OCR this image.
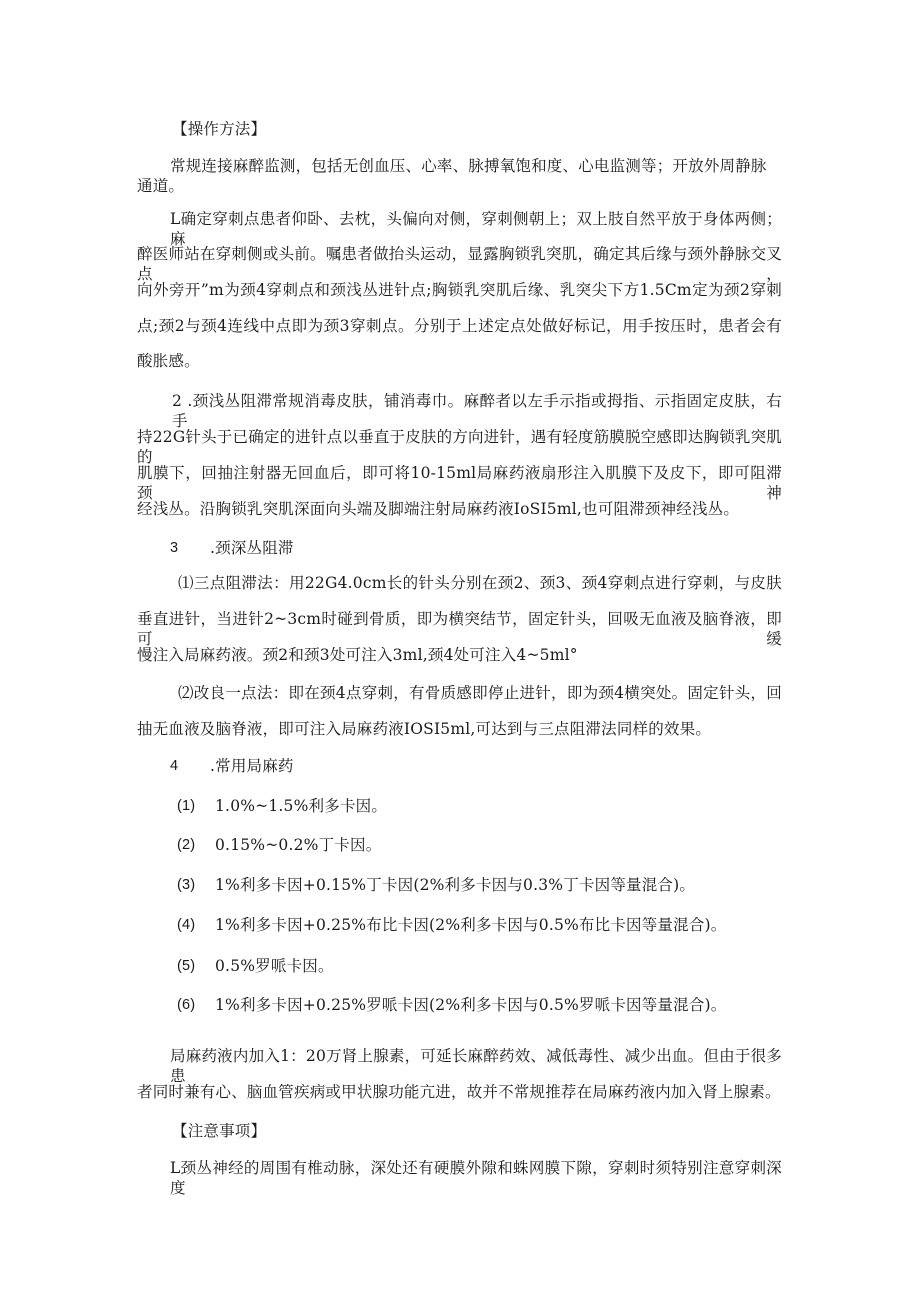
【操作方法】
常规连接麻醉监测，包括无创血压、心率、脉搏氧饱和度、心电监测等；开放外周静脉
通道。
L确定穿刺点患者仰卧、去枕，头偏向对侧，穿刺侧朝上；双上肢自然平放于身体两侧；麻
醉医师站在穿刺侧或头前。嘱患者做抬头运动，显露胸锁乳突肌，确定其后缘与颈外静脉交叉点，
向外旁开”m为颈4穿刺点和颈浅丛进针点;胸锁乳突肌后缘、乳突尖下方1.5Cm定为颈2穿刺
点;颈2与颈4连线中点即为颈3穿刺点。分别于上述定点处做好标记，用手按压时，患者会有
酸胀感。
2 .颈浅丛阻滞常规消毒皮肤，铺消毒巾。麻醉者以左手示指或拇指、示指固定皮肤，右手
持22G针头于已确定的进针点以垂直于皮肤的方向进针，遇有轻度筋膜脱空感即达胸锁乳突肌的
肌膜下，回抽注射器无回血后，即可将10-15ml局麻药液扇形注入肌膜下及皮下，即可阻滞颈神
经浅丛。沿胸锁乳突肌深面向头端及脚端注射局麻药液IoSI5ml,也可阻滞颈神经浅丛。
3 .颈深丛阻滞
⑴三点阻滞法：用22G4.0cm长的针头分别在颈2、颈3、颈4穿刺点进行穿刺，与皮肤
垂直进针，当进针2~3cm时碰到骨质，即为横突结节，固定针头，回吸无血液及脑脊液，即可缓
慢注入局麻药液。颈2和颈3处可注入3ml,颈4处可注入4~5ml°
⑵改良一点法：即在颈4点穿刺，有骨质感即停止进针，即为颈4横突处。固定针头，回
抽无血液及脑脊液，即可注入局麻药液IOSI5ml,可达到与三点阻滞法同样的效果。
4 .常用局麻药
(1) 1.0%~1.5%利多卡因。
(2) 0.15%~0.2%丁卡因。
(3) 1%利多卡因+0.15%丁卡因(2%利多卡因与0.3%丁卡因等量混合)。
(4) 1%利多卡因+0.25%布比卡因(2%利多卡因与0.5%布比卡因等量混合)。
(5) 0.5%罗哌卡因。
(6) 1%利多卡因+0.25%罗哌卡因(2%利多卡因与0.5%罗哌卡因等量混合)。
局麻药液内加入1：20万肾上腺素，可延长麻醉药效、减低毒性、减少出血。但由于很多患
者同时兼有心、脑血管疾病或甲状腺功能亢进，故并不常规推荐在局麻药液内加入肾上腺素。
【注意事项】
L颈丛神经的周围有椎动脉，深处还有硬膜外隙和蛛网膜下隙，穿刺时须特别注意穿刺深度
